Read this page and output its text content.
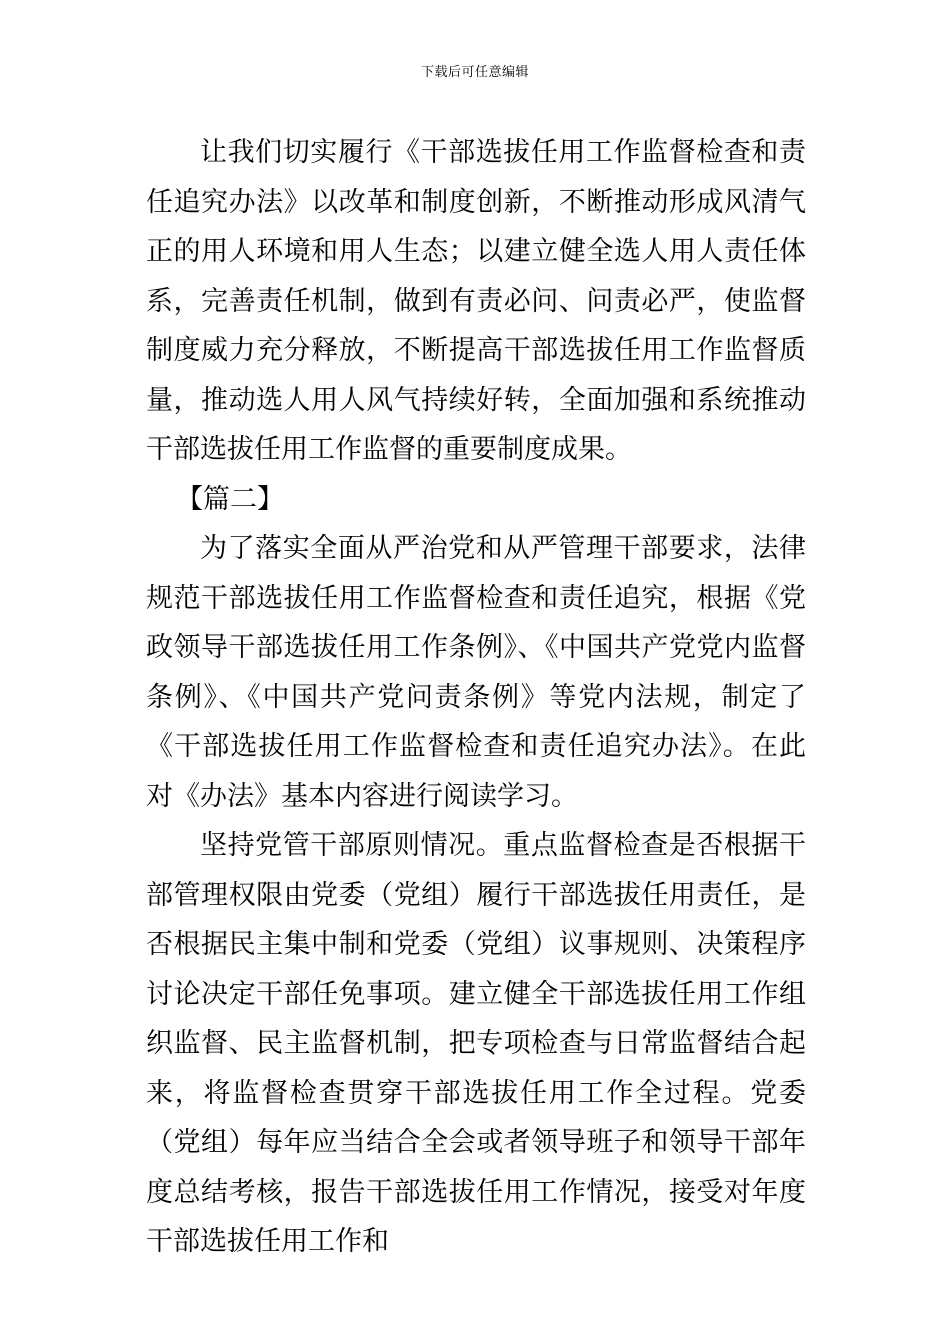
下载后可任意编辑

让我们切实履行《干部选拔任用工作监督检查和责任追究办法》以改革和制度创新，不断推动形成风清气正的用人环境和用人生态；以建立健全选人用人责任体系，完善责任机制，做到有责必问、问责必严，使监督制度威力充分释放，不断提高干部选拔任用工作监督质量，推动选人用人风气持续好转，全面加强和系统推动干部选拔任用工作监督的重要制度成果。

【篇二】

为了落实全面从严治党和从严管理干部要求，法律规范干部选拔任用工作监督检查和责任追究，根据《党政领导干部选拔任用工作条例》、《中国共产党党内监督条例》、《中国共产党问责条例》等党内法规，制定了《干部选拔任用工作监督检查和责任追究办法》。在此对《办法》基本内容进行阅读学习。

坚持党管干部原则情况。重点监督检查是否根据干部管理权限由党委（党组）履行干部选拔任用责任，是否根据民主集中制和党委（党组）议事规则、决策程序讨论决定干部任免事项。建立健全干部选拔任用工作组织监督、民主监督机制，把专项检查与日常监督结合起来，将监督检查贯穿干部选拔任用工作全过程。党委（党组）每年应当结合全会或者领导班子和领导干部年度总结考核，报告干部选拔任用工作情况，接受对年度干部选拔任用工作和
